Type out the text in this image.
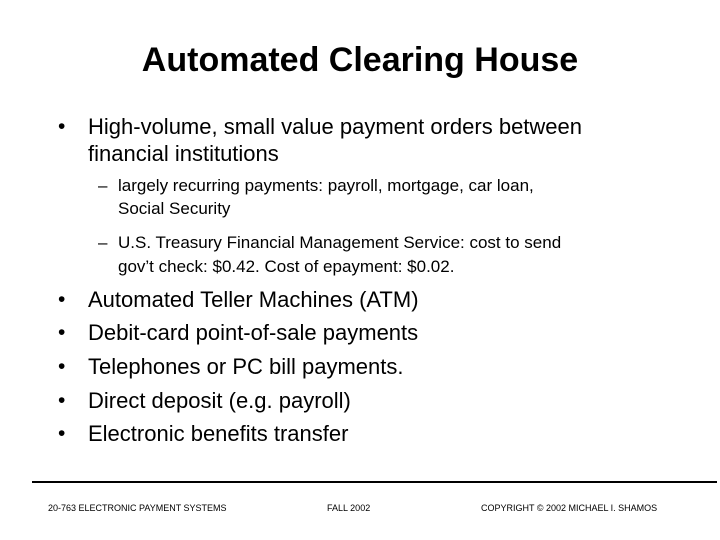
Automated Clearing House
• High-volume, small value payment orders between
financial institutions
– largely recurring payments: payroll, mortgage, car loan,
Social Security
– U.S. Treasury Financial Management Service: cost to send
gov’t check: $0.42. Cost of epayment: $0.02.
• Automated Teller Machines (ATM)
• Debit-card point-of-sale payments
• Telephones or PC bill payments.
• Direct deposit (e.g. payroll)
• Electronic benefits transfer
20-763 ELECTRONIC PAYMENT SYSTEMS	FALL 2002	COPYRIGHT © 2002 MICHAEL I. SHAMOS
